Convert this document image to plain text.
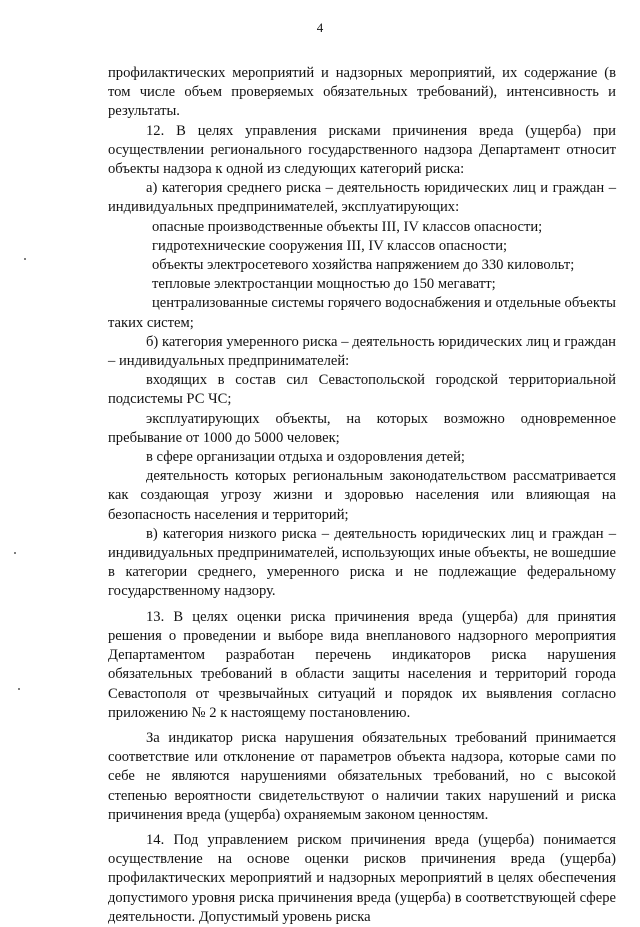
4

профилактических мероприятий и надзорных мероприятий, их содержание (в том числе объем проверяемых обязательных требований), интенсивность и результаты.

12. В целях управления рисками причинения вреда (ущерба) при осуществлении регионального государственного надзора Департамент относит объекты надзора к одной из следующих категорий риска:

а) категория среднего риска – деятельность юридических лиц и граждан – индивидуальных предпринимателей, эксплуатирующих:

опасные производственные объекты III, IV классов опасности;

гидротехнические сооружения III, IV классов опасности;

объекты электросетевого хозяйства напряжением до 330 киловольт;

тепловые электростанции мощностью до 150 мегаватт;

централизованные системы горячего водоснабжения и отдельные объекты таких систем;

б) категория умеренного риска – деятельность юридических лиц и граждан – индивидуальных предпринимателей:

входящих в состав сил Севастопольской городской территориальной подсистемы РС ЧС;

эксплуатирующих объекты, на которых возможно одновременное пребывание от 1000 до 5000 человек;

в сфере организации отдыха и оздоровления детей;

деятельность которых региональным законодательством рассматривается как создающая угрозу жизни и здоровью населения или влияющая на безопасность населения и территорий;

в) категория низкого риска – деятельность юридических лиц и граждан – индивидуальных предпринимателей, использующих иные объекты, не вошедшие в категории среднего, умеренного риска и не подлежащие федеральному государственному надзору.

13. В целях оценки риска причинения вреда (ущерба) для принятия решения о проведении и выборе вида внепланового надзорного мероприятия Департаментом разработан перечень индикаторов риска нарушения обязательных требований в области защиты населения и территорий города Севастополя от чрезвычайных ситуаций и порядок их выявления согласно приложению № 2 к настоящему постановлению.

За индикатор риска нарушения обязательных требований принимается соответствие или отклонение от параметров объекта надзора, которые сами по себе не являются нарушениями обязательных требований, но с высокой степенью вероятности свидетельствуют о наличии таких нарушений и риска причинения вреда (ущерба) охраняемым законом ценностям.

14. Под управлением риском причинения вреда (ущерба) понимается осуществление на основе оценки рисков причинения вреда (ущерба) профилактических мероприятий и надзорных мероприятий в целях обеспечения допустимого уровня риска причинения вреда (ущерба) в соответствующей сфере деятельности. Допустимый уровень риска
